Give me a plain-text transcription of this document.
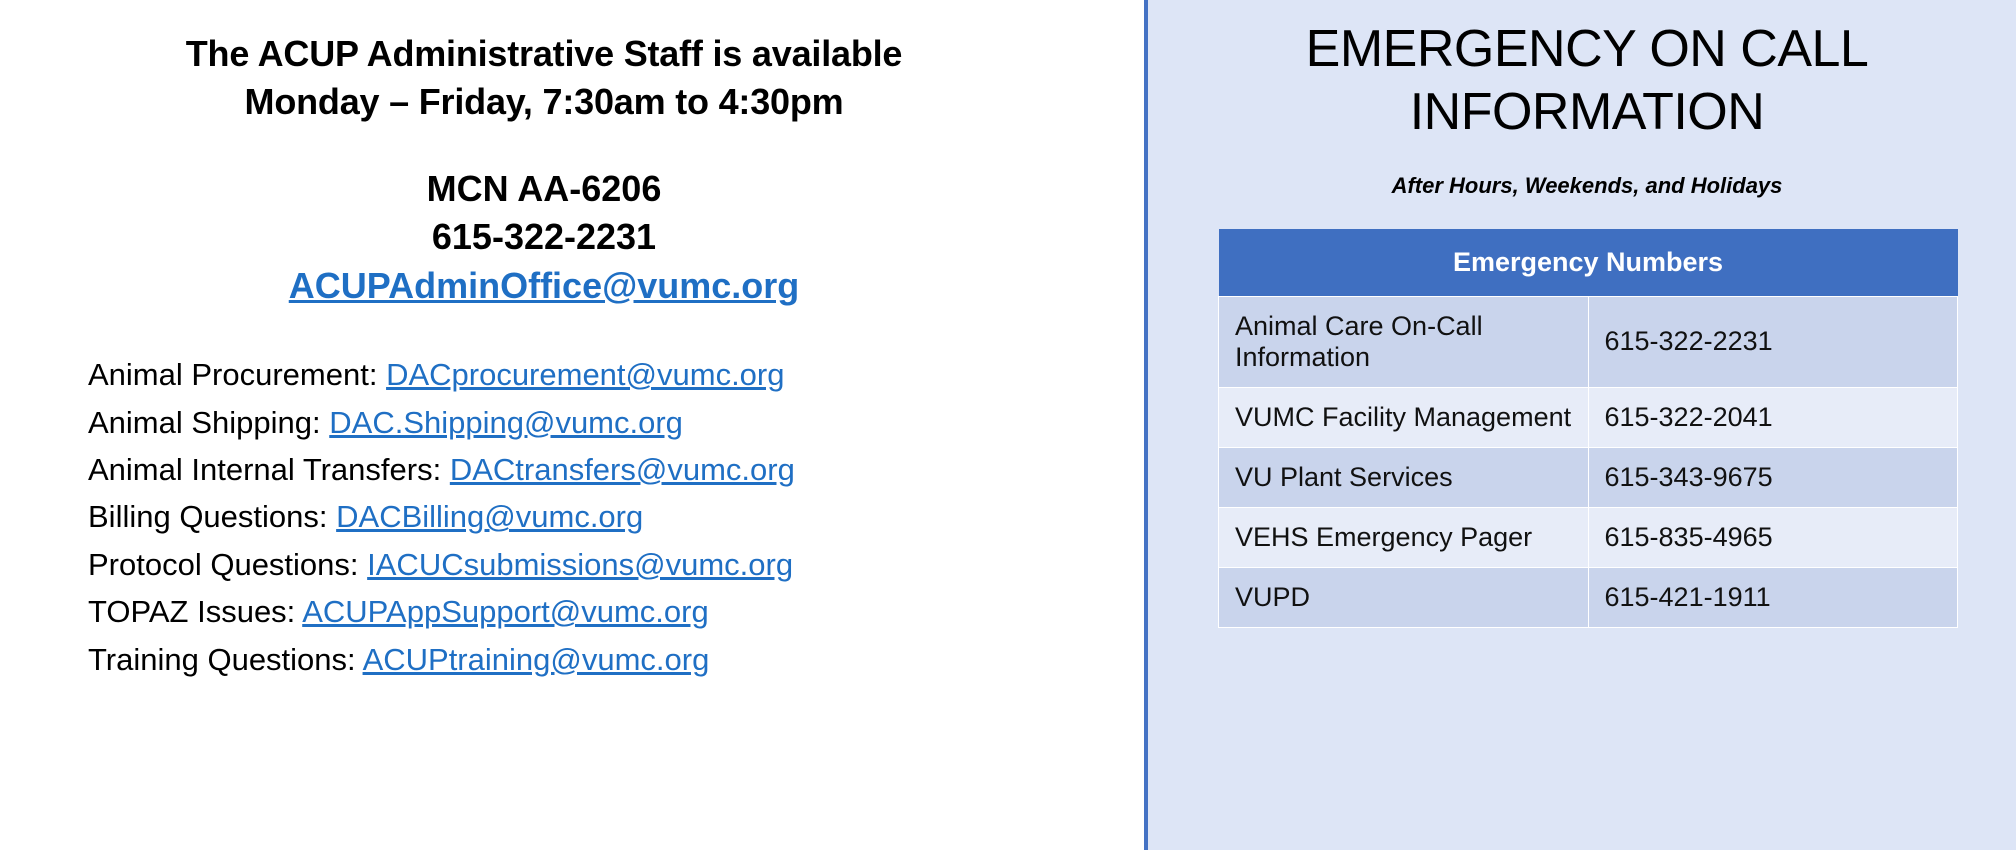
The ACUP Administrative Staff is available
Monday – Friday, 7:30am to 4:30pm
MCN AA-6206
615-322-2231
ACUPAdminOffice@vumc.org
Animal Procurement: DACprocurement@vumc.org
Animal Shipping: DAC.Shipping@vumc.org
Animal Internal Transfers: DACtransfers@vumc.org
Billing Questions: DACBilling@vumc.org
Protocol Questions: IACUCsubmissions@vumc.org
TOPAZ Issues: ACUPAppSupport@vumc.org
Training Questions: ACUPtraining@vumc.org
EMERGENCY ON CALL INFORMATION
After Hours, Weekends, and Holidays
Emergency Numbers	
Animal Care On-Call Information	615-322-2231
VUMC Facility Management	615-322-2041
VU Plant Services	615-343-9675
VEHS Emergency Pager	615-835-4965
VUPD	615-421-1911
